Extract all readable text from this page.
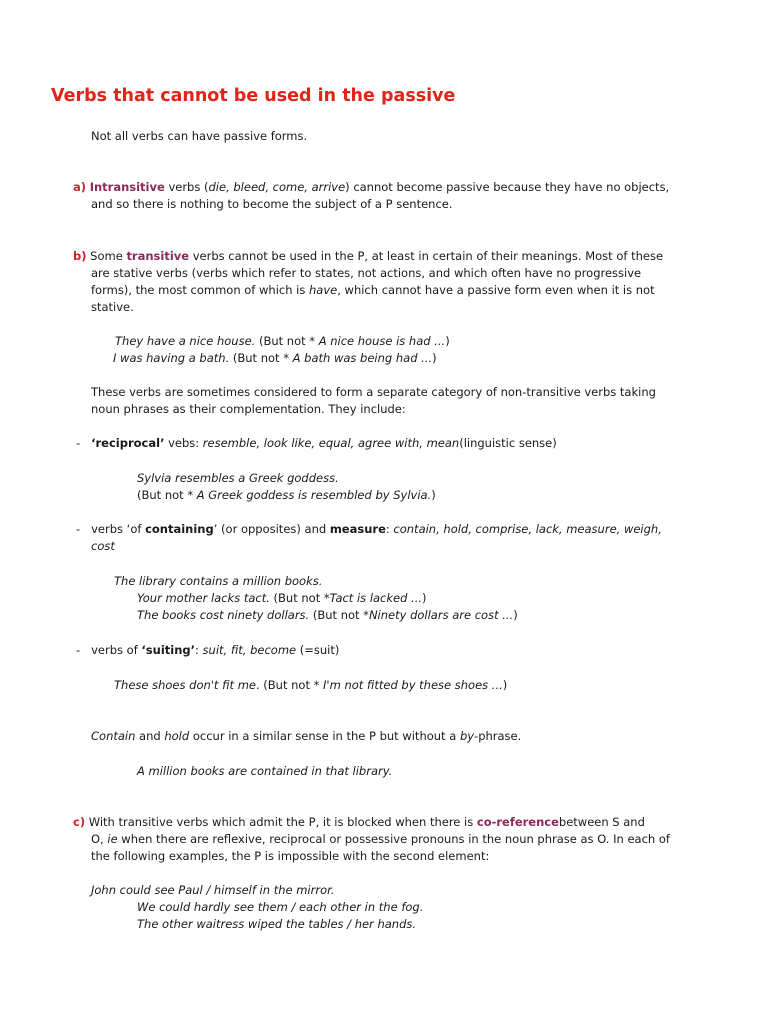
Verbs that cannot be used in the passive
Not all verbs can have passive forms.
a) Intransitive verbs (die, bleed, come, arrive) cannot become passive because they have no objects,
and so there is nothing to become the subject of a P sentence.
b) Some transitive verbs cannot be used in the P, at least in certain of their meanings. Most of these
are stative verbs (verbs which refer to states, not actions, and which often have no progressive
forms), the most common of which is have, which cannot have a passive form even when it is not
stative.
They have a nice house. (But not * A nice house is had ...)
I was having a bath. (But not * A bath was being had ...)
These verbs are sometimes considered to form a separate category of non-transitive verbs taking
noun phrases as their complementation. They include:
- ‘reciprocal’ vebs: resemble, look like, equal, agree with, mean(linguistic sense)
Sylvia resembles a Greek goddess.
(But not * A Greek goddess is resembled by Sylvia.)
- verbs ‘of containing’ (or opposites) and measure: contain, hold, comprise, lack, measure, weigh,
cost
The library contains a million books.
Your mother lacks tact. (But not *Tact is lacked ...)
The books cost ninety dollars. (But not *Ninety dollars are cost ...)
- verbs of ‘suiting’: suit, fit, become (=suit)
These shoes don't fit me. (But not * I'm not fitted by these shoes ...)
Contain and hold occur in a similar sense in the P but without a by-phrase.
A million books are contained in that library.
c) With transitive verbs which admit the P, it is blocked when there is co-referencebetween S and
O, ie when there are reflexive, reciprocal or possessive pronouns in the noun phrase as O. In each of
the following examples, the P is impossible with the second element:
John could see Paul / himself in the mirror.
We could hardly see them / each other in the fog.
The other waitress wiped the tables / her hands.
